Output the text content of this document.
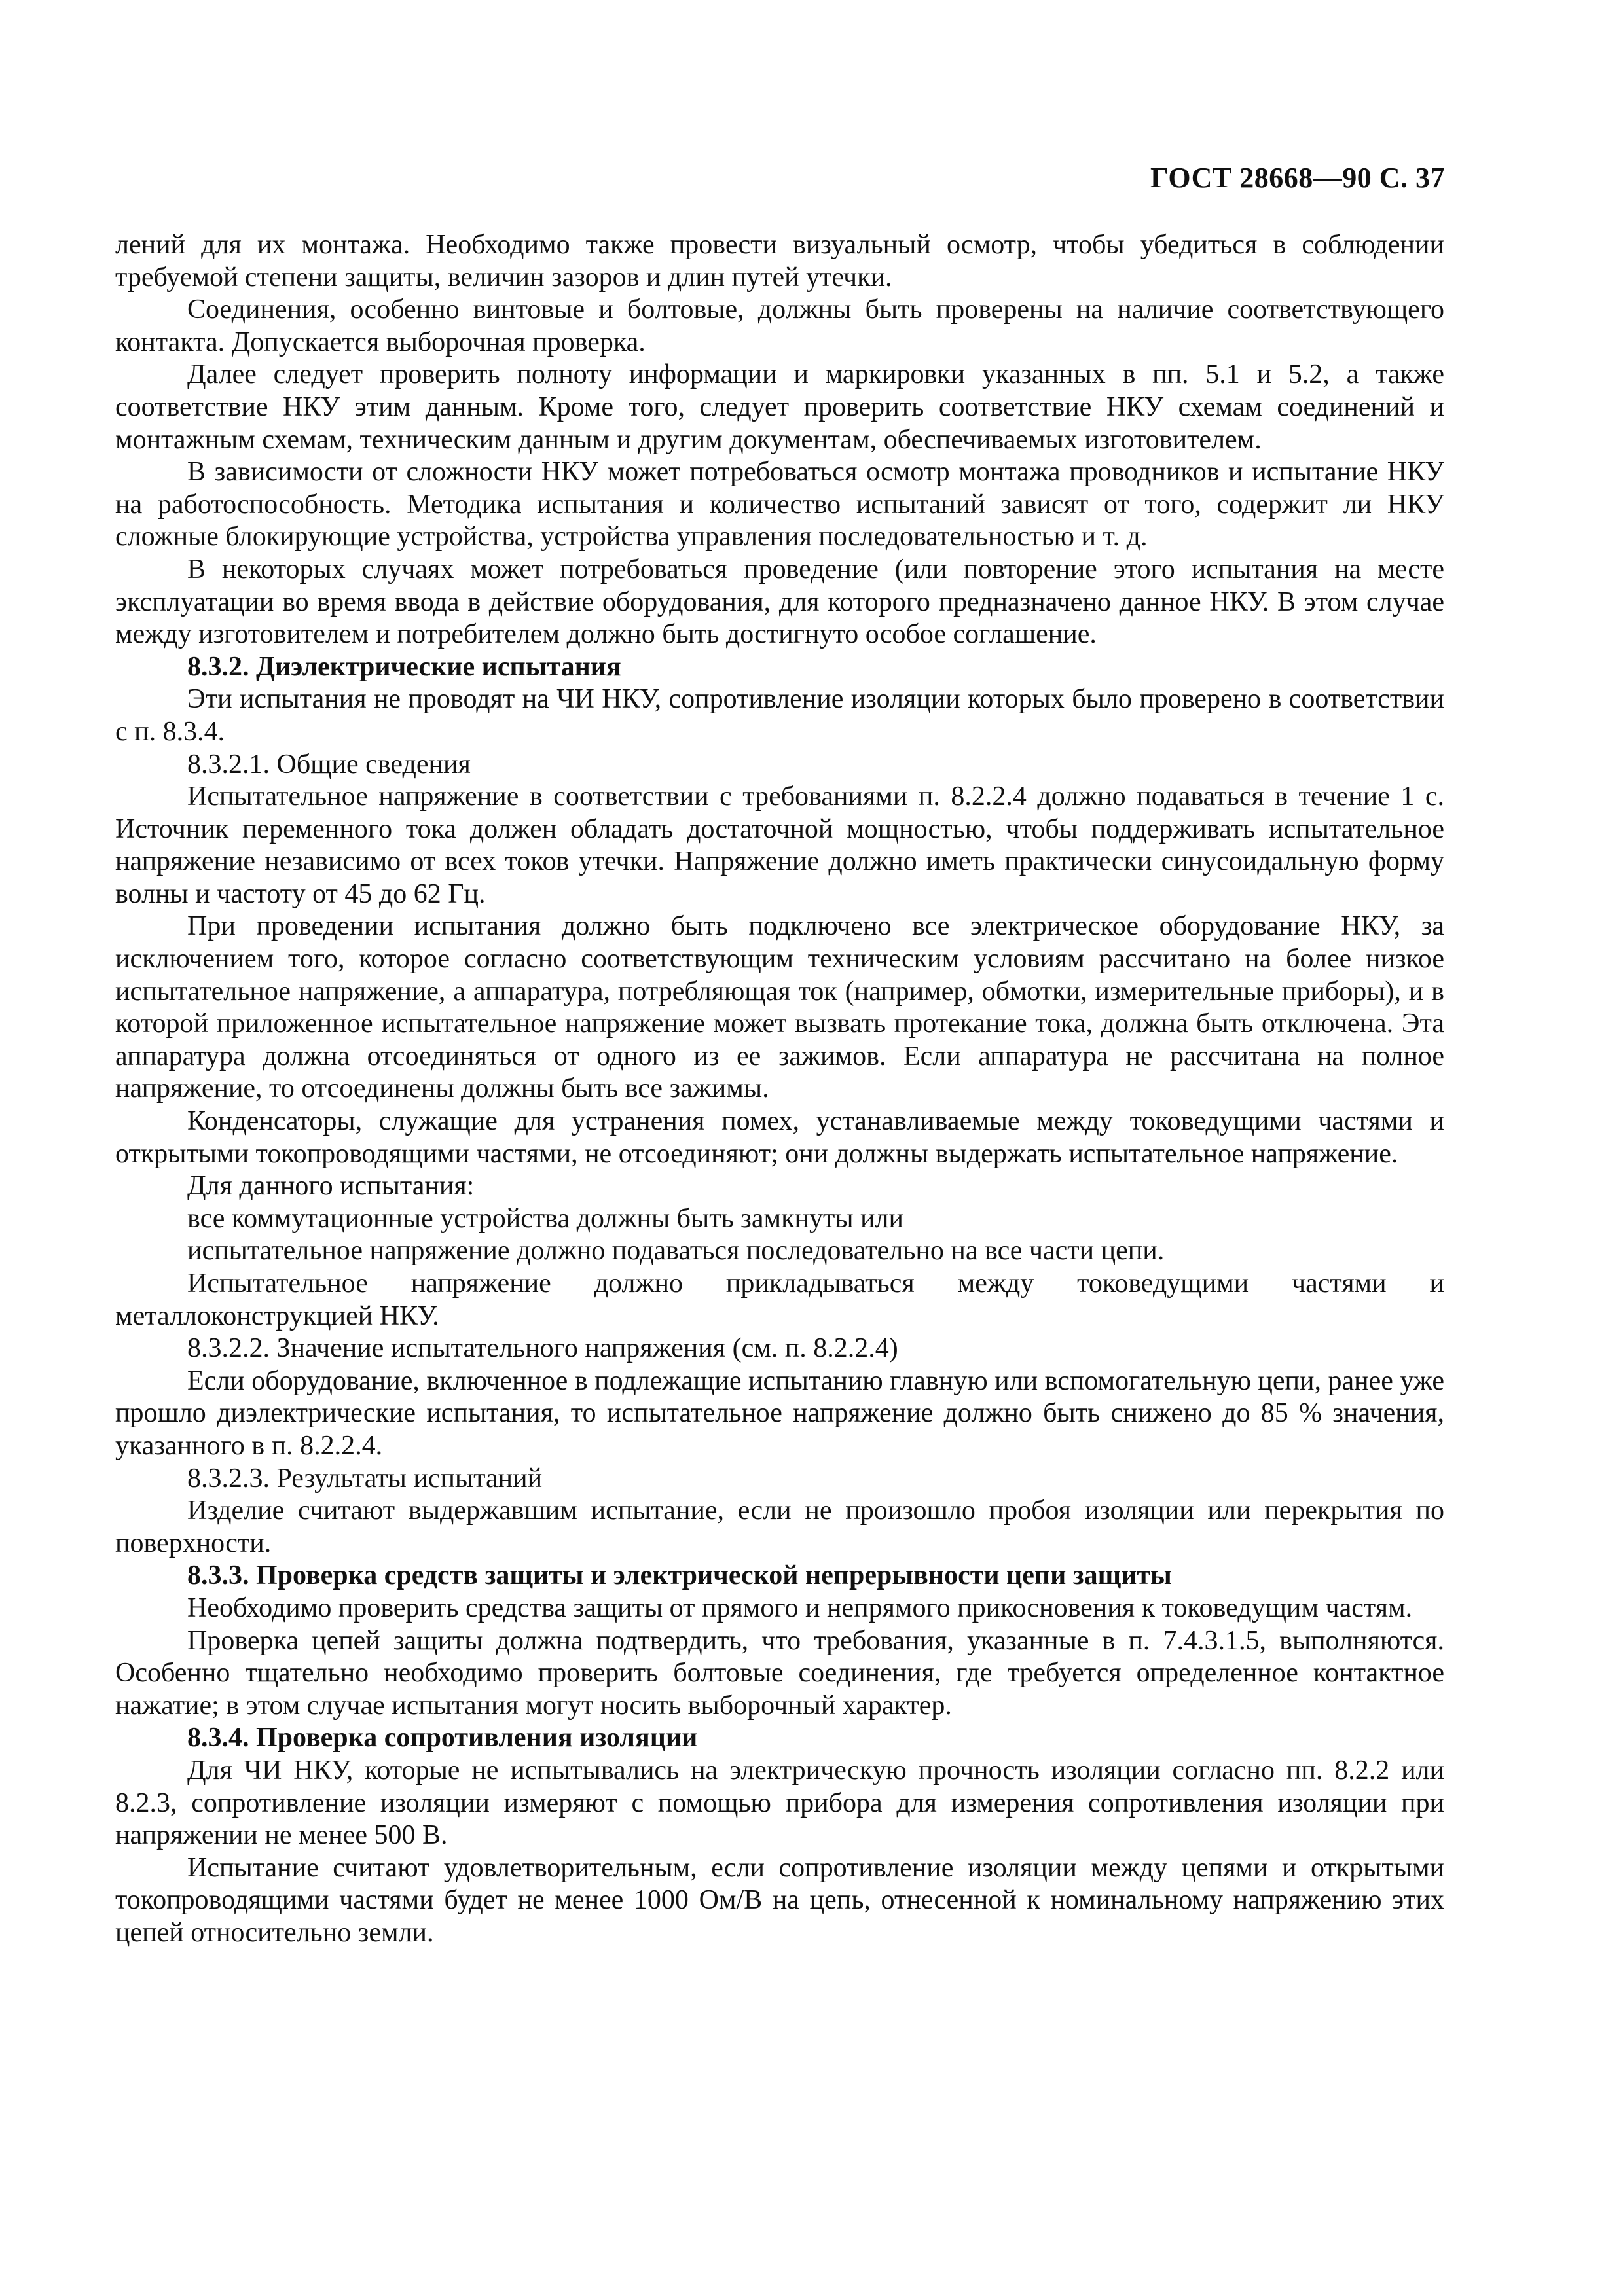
ГОСТ 28668—90 С. 37

лений для их монтажа. Необходимо также провести визуальный осмотр, чтобы убедиться в соблюдении требуемой степени защиты, величин зазоров и длин путей утечки.

Соединения, особенно винтовые и болтовые, должны быть проверены на наличие соответствующего контакта. Допускается выборочная проверка.

Далее следует проверить полноту информации и маркировки указанных в пп. 5.1 и 5.2, а также соответствие НКУ этим данным. Кроме того, следует проверить соответствие НКУ схемам соединений и монтажным схемам, техническим данным и другим документам, обеспечиваемых изготовителем.

В зависимости от сложности НКУ может потребоваться осмотр монтажа проводников и испытание НКУ на работоспособность. Методика испытания и количество испытаний зависят от того, содержит ли НКУ сложные блокирующие устройства, устройства управления последовательностью и т. д.

В некоторых случаях может потребоваться проведение (или повторение этого испытания на месте эксплуатации во время ввода в действие оборудования, для которого предназначено данное НКУ. В этом случае между изготовителем и потребителем должно быть достигнуто особое соглашение.

8.3.2. Диэлектрические испытания

Эти испытания не проводят на ЧИ НКУ, сопротивление изоляции которых было проверено в соответствии с п. 8.3.4.

8.3.2.1. Общие сведения

Испытательное напряжение в соответствии с требованиями п. 8.2.2.4 должно подаваться в течение 1 с. Источник переменного тока должен обладать достаточной мощностью, чтобы поддерживать испытательное напряжение независимо от всех токов утечки. Напряжение должно иметь практически синусоидальную форму волны и частоту от 45 до 62 Гц.

При проведении испытания должно быть подключено все электрическое оборудование НКУ, за исключением того, которое согласно соответствующим техническим условиям рассчитано на более низкое испытательное напряжение, а аппаратура, потребляющая ток (например, обмотки, измерительные приборы), и в которой приложенное испытательное напряжение может вызвать протекание тока, должна быть отключена. Эта аппаратура должна отсоединяться от одного из ее зажимов. Если аппаратура не рассчитана на полное напряжение, то отсоединены должны быть все зажимы.

Конденсаторы, служащие для устранения помех, устанавливаемые между токоведущими частями и открытыми токопроводящими частями, не отсоединяют; они должны выдержать испытательное напряжение.

Для данного испытания:

все коммутационные устройства должны быть замкнуты или

испытательное напряжение должно подаваться последовательно на все части цепи.

Испытательное напряжение должно прикладываться между токоведущими частями и металлоконструкцией НКУ.

8.3.2.2. Значение испытательного напряжения (см. п. 8.2.2.4)

Если оборудование, включенное в подлежащие испытанию главную или вспомогательную цепи, ранее уже прошло диэлектрические испытания, то испытательное напряжение должно быть снижено до 85 % значения, указанного в п. 8.2.2.4.

8.3.2.3. Результаты испытаний

Изделие считают выдержавшим испытание, если не произошло пробоя изоляции или перекрытия по поверхности.

8.3.3. Проверка средств защиты и электрической непрерывности цепи защиты

Необходимо проверить средства защиты от прямого и непрямого прикосновения к токоведущим частям.

Проверка цепей защиты должна подтвердить, что требования, указанные в п. 7.4.3.1.5, выполняются. Особенно тщательно необходимо проверить болтовые соединения, где требуется определенное контактное нажатие; в этом случае испытания могут носить выборочный характер.

8.3.4. Проверка сопротивления изоляции

Для ЧИ НКУ, которые не испытывались на электрическую прочность изоляции согласно пп. 8.2.2 или 8.2.3, сопротивление изоляции измеряют с помощью прибора для измерения сопротивления изоляции при напряжении не менее 500 В.

Испытание считают удовлетворительным, если сопротивление изоляции между цепями и открытыми токопроводящими частями будет не менее 1000 Ом/В на цепь, отнесенной к номинальному напряжению этих цепей относительно земли.
